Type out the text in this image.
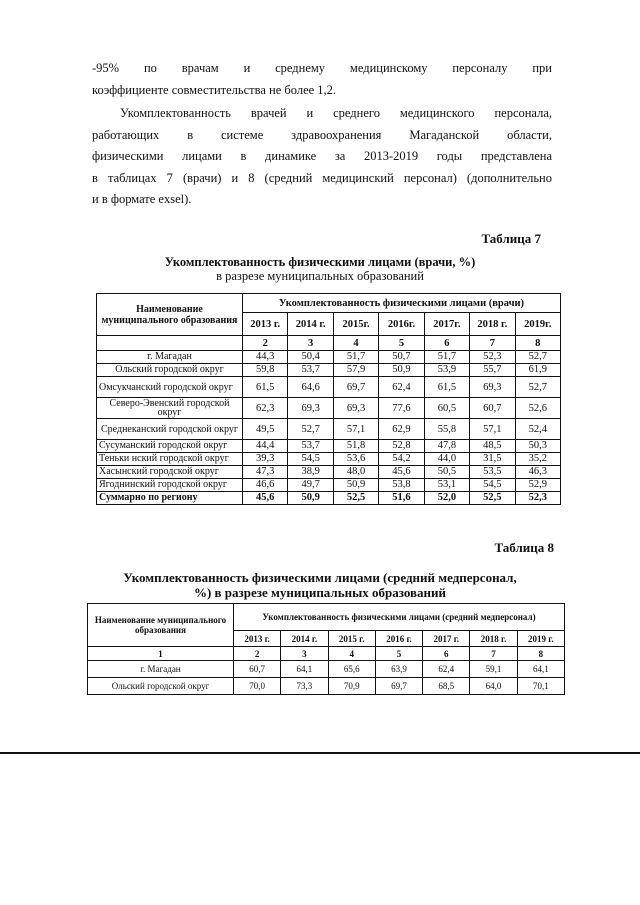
-95% по врачам и среднему медицинскому персоналу при
коэффициенте совместительства не более 1,2.
Укомплектованность врачей и среднего медицинского персонала,
работающих в системе здравоохранения Магаданской области,
физическими лицами в динамике за 2013-2019 годы представлена
в таблицах 7 (врачи) и 8 (средний медицинский персонал) (дополнительно
и в формате exsel).
Таблица 7
Укомплектованность физическими лицами (врачи, %)
в разрезе муниципальных образований
Наименование муниципального образования	Укомплектованность физическими лицами (врачи)						
	2013 г.	2014 г.	2015г.	2016г.	2017г.	2018 г.	2019г.
	2	3	4	5	6	7	8
г. Магадан	44,3	50,4	51,7	50,7	51,7	52,3	52,7
Ольский городской округ	59,8	53,7	57,9	50,9	53,9	55,7	61,9
Омсукчанский городской округ	61,5	64,6	69,7	62,4	61,5	69,3	52,7
Северо-Эвенский городской округ	62,3	69,3	69,3	77,6	60,5	60,7	52,6
Среднеканский городской округ	49,5	52,7	57,1	62,9	55,8	57,1	52,4
Сусуманский городской округ	44,4	53,7	51,8	52,8	47,8	48,5	50,3
Теньки нский городской округ	39,3	54,5	53,6	54,2	44,0	31,5	35,2
Хасынский городской округ	47,3	38,9	48,0	45,6	50,5	53,5	46,3
Ягоднинский городской округ	46,6	49,7	50,9	53,8	53,1	54,5	52,9
Суммарно по региону	45,6	50,9	52,5	51,6	52,0	52,5	52,3
Таблица 8
Укомплектованность физическими лицами (средний медперсонал,
%) в разрезе муниципальных образований
Наименование муниципального образования	Укомплектованность физическими лицами (средний медперсонал)						
	2013 г.	2014 г.	2015 г.	2016 г.	2017 г.	2018 г.	2019 г.
1	2	3	4	5	6	7	8
г. Магадан	60,7	64,1	65,6	63,9	62,4	59,1	64,1
Ольский городской округ	70,0	73,3	70,9	69,7	68,5	64,0	70,1
